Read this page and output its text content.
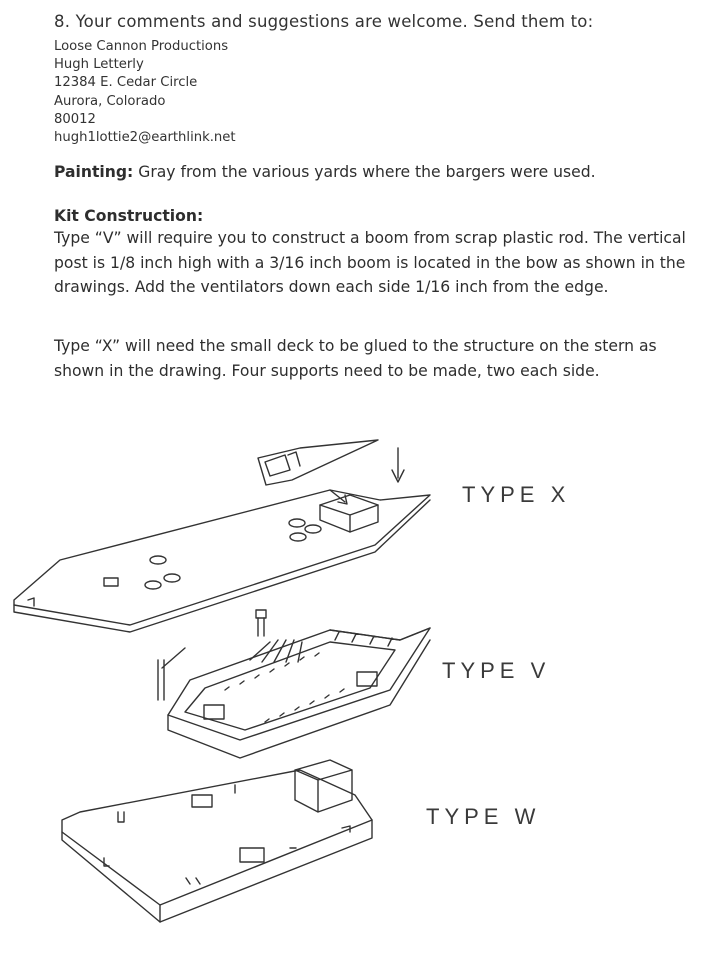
8. Your comments and suggestions are welcome. Send them to:
Loose Cannon Productions
Hugh Letterly
12384 E. Cedar Circle
Aurora, Colorado
80012
hugh1lottie2@earthlink.net
Painting: Gray from the various yards where the bargers were used.
Kit Construction:
Type “V” will require you to construct a boom from scrap plastic rod. The vertical post is 1/8 inch high with a 3/16 inch boom is located in the bow as shown in the drawings. Add the ventilators down each side 1/16 inch from the edge.
Type “X” will need the small deck to be glued to the structure on the stern as shown in the drawing. Four supports need to be made, two each side.
TYPE X
TYPE V
TYPE W
